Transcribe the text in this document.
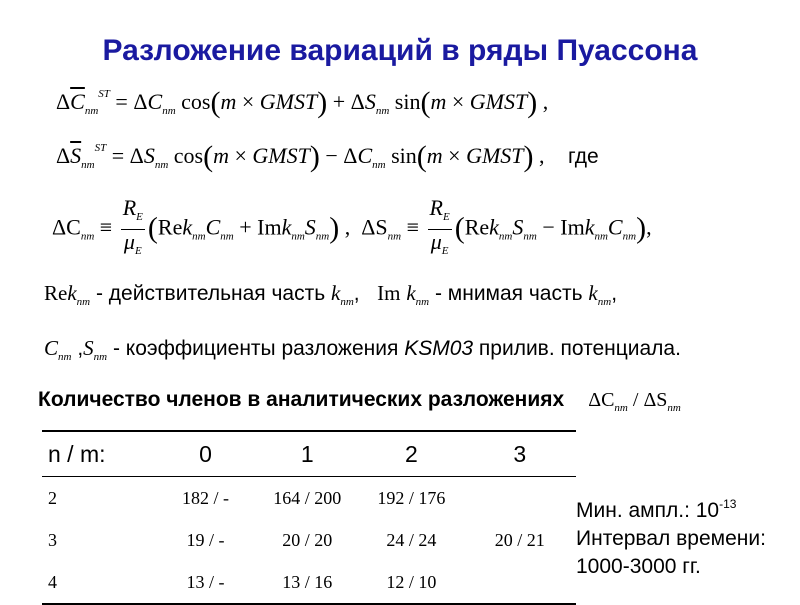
Разложение вариаций в ряды Пуассона
$\Delta\overline{C}_{nm}^{ST} = \Delta C_{nm}$ cos(m × GMST) + $\Delta S_{nm}$ sin(m × GMST) ,
$\Delta\overline{S}_{nm}^{ST} = \Delta S_{nm}$ cos(m × GMST) − $\Delta C_{nm}$ sin(m × GMST) , где
$\Delta C_{nm} \equiv \frac{R_E}{\mu_E} (Rek_{nm}C_{nm} + Imk_{nm}S_{nm})$ , $\Delta S_{nm} \equiv \frac{R_E}{\mu_E} (Rek_{nm}S_{nm} - Imk_{nm}C_{nm})$,
Rek$_{nm}$ - действительная часть $k_{nm}$, Im $k_{nm}$ - мнимая часть $k_{nm}$,
$C_{nm}$ $,S_{nm}$ - коэффициенты разложения KSM03 прилив. потенциала.
Количество членов в аналитических разложениях $\Delta C_{nm} / \Delta S_{nm}$
n / m:	0	1	2	3
2	182 / -	164 / 200	192 / 176	
3	19 / -	20 / 20	24 / 24	20 / 21
4	13 / -	13 / 16	12 / 10	
Мин. ампл.: $10^{-13}$
Интервал времени:
1000-3000 гг.
